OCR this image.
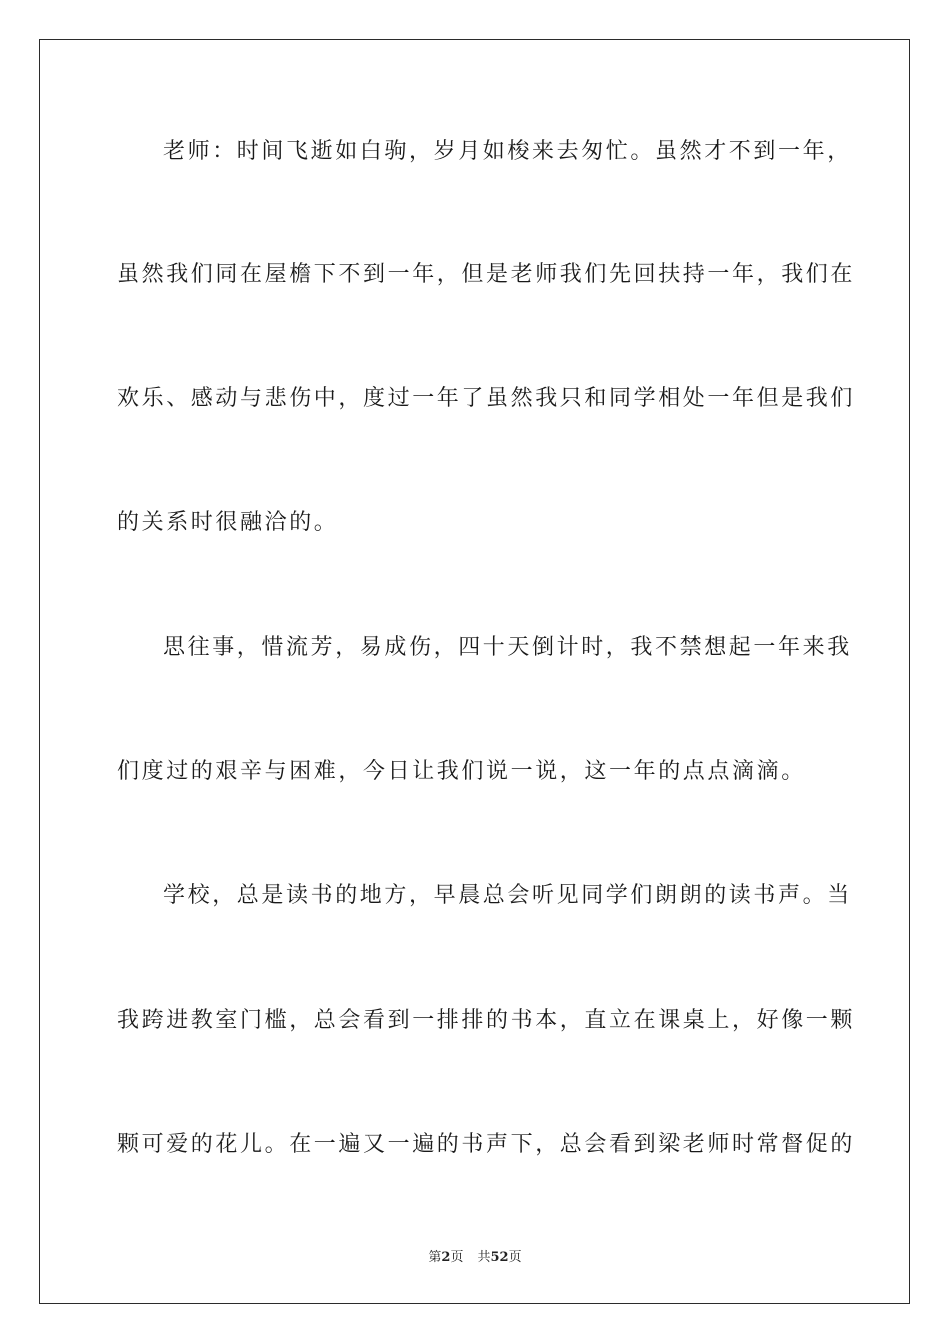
老师：时间飞逝如白驹，岁月如梭来去匆忙。虽然才不到一年，
虽然我们同在屋檐下不到一年，但是老师我们先回扶持一年，我们在
欢乐、感动与悲伤中，度过一年了虽然我只和同学相处一年但是我们
的关系时很融洽的。
思往事，惜流芳，易成伤，四十天倒计时，我不禁想起一年来我
们度过的艰辛与困难，今日让我们说一说，这一年的点点滴滴。
学校，总是读书的地方，早晨总会听见同学们朗朗的读书声。当
我跨进教室门槛，总会看到一排排的书本，直立在课桌上，好像一颗
颗可爱的花儿。在一遍又一遍的书声下，总会看到梁老师时常督促的
第2页 共52页
